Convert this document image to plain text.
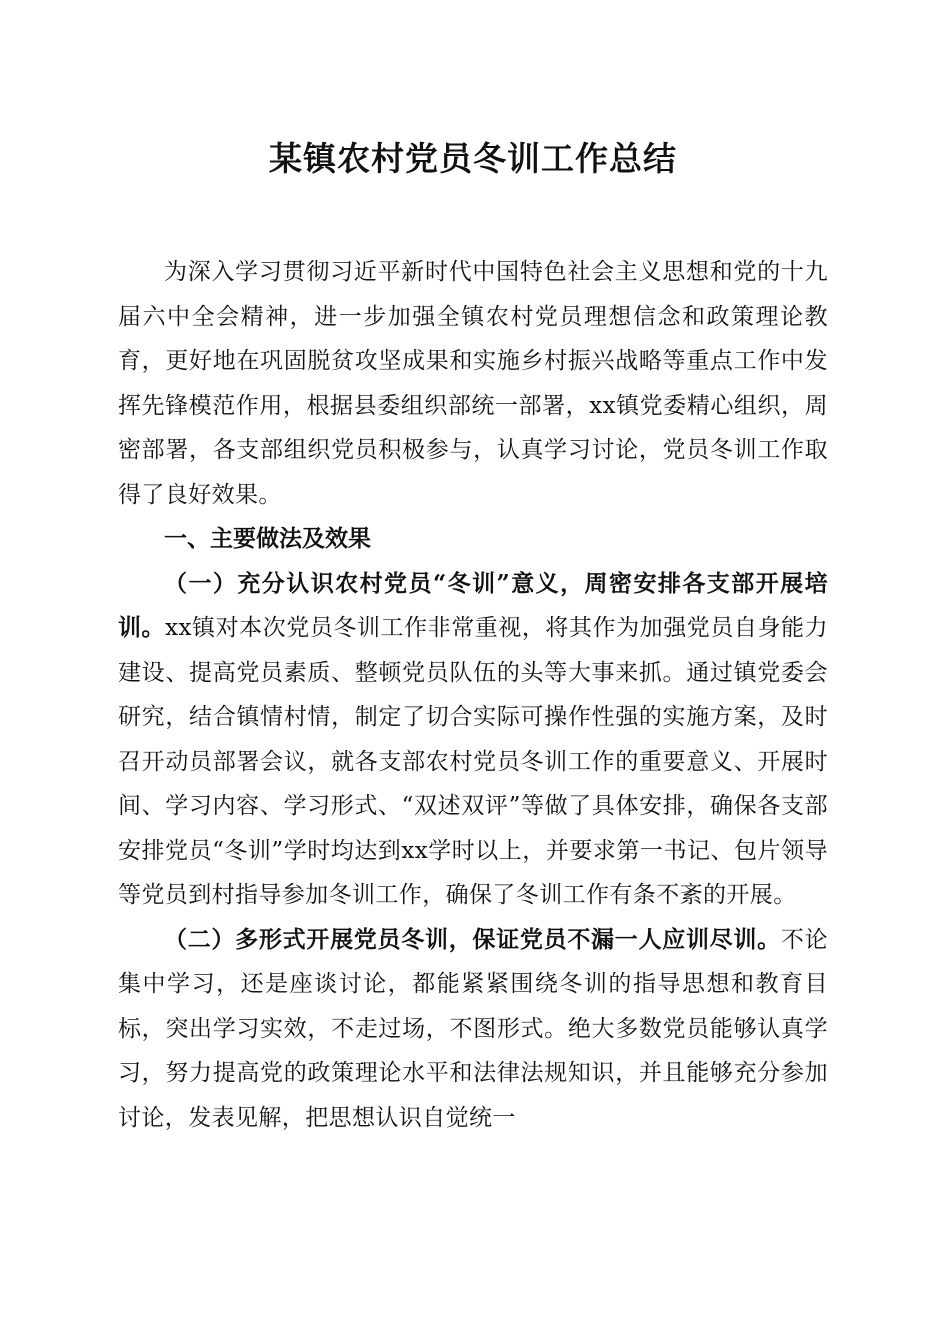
某镇农村党员冬训工作总结

为深入学习贯彻习近平新时代中国特色社会主义思想和党的十九届六中全会精神，进一步加强全镇农村党员理想信念和政策理论教育，更好地在巩固脱贫攻坚成果和实施乡村振兴战略等重点工作中发挥先锋模范作用，根据县委组织部统一部署，xx镇党委精心组织，周密部署，各支部组织党员积极参与，认真学习讨论，党员冬训工作取得了良好效果。

一、主要做法及效果

（一）充分认识农村党员“冬训”意义，周密安排各支部开展培训。xx镇对本次党员冬训工作非常重视，将其作为加强党员自身能力建设、提高党员素质、整顿党员队伍的头等大事来抓。通过镇党委会研究，结合镇情村情，制定了切合实际可操作性强的实施方案，及时召开动员部署会议，就各支部农村党员冬训工作的重要意义、开展时间、学习内容、学习形式、“双述双评”等做了具体安排，确保各支部安排党员“冬训”学时均达到xx学时以上，并要求第一书记、包片领导等党员到村指导参加冬训工作，确保了冬训工作有条不紊的开展。

（二）多形式开展党员冬训，保证党员不漏一人应训尽训。不论集中学习，还是座谈讨论，都能紧紧围绕冬训的指导思想和教育目标，突出学习实效，不走过场，不图形式。绝大多数党员能够认真学习，努力提高党的政策理论水平和法律法规知识，并且能够充分参加讨论，发表见解，把思想认识自觉统一
